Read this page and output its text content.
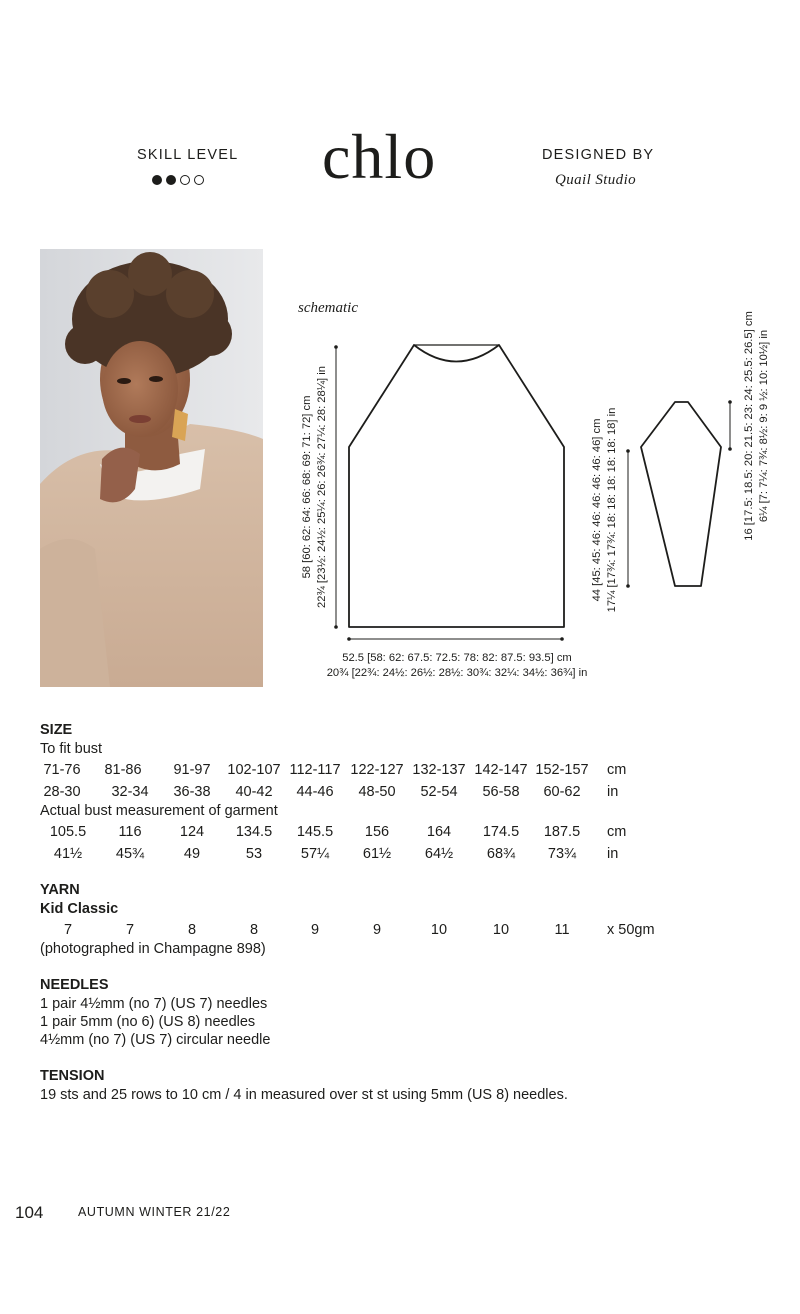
SKILL LEVEL chlo	DESIGNED BY
Quail Studio
schematic
58 [60: 62: 64: 66: 68: 69: 71: 72] cm 22¾ [23½: 24½: 25¼: 26: 26¾: 27¼: 28: 28¼] in
52.5 [58: 62: 67.5: 72.5: 78: 82: 87.5: 93.5] cm
20¾ [22¾: 24½: 26½: 28½: 30¾: 32¼: 34½: 36¾] in
44 [45: 45: 46: 46: 46: 46: 46: 46] cm 17¼ [17¾: 17¾: 18: 18: 18: 18: 18: 18] in	16 [17.5: 18.5: 20: 21.5: 23: 24: 25.5: 26.5] cm 6¼ [7: 7¼: 7¾: 8½: 9: 9 ½: 10: 10½] in
SIZE
To fit bust
71-76 81-86 91-97 102-107 112-117 122-127 132-137 142-147 152-157 cm
28-30 32-34 36-38 40-42 44-46 48-50 52-54 56-58 60-62 in
Actual bust measurement of garment
105.5 116	124 134.5 145.5 156	164 174.5 187.5 cm
41½ 45¾	49	53	57¼ 61½ 64½ 68¾ 73¾ in
YARN
Kid Classic
7	7	8	8	9	9	10	10	11	x 50gm
(photographed in Champagne 898)
NEEDLES
1 pair 4½mm (no 7) (US 7) needles
1 pair 5mm (no 6) (US 8) needles
4½mm (no 7) (US 7) circular needle
TENSION
19 sts and 25 rows to 10 cm / 4 in measured over st st using 5mm (US 8) needles.
104	AUTUMN WINTER 21/22
